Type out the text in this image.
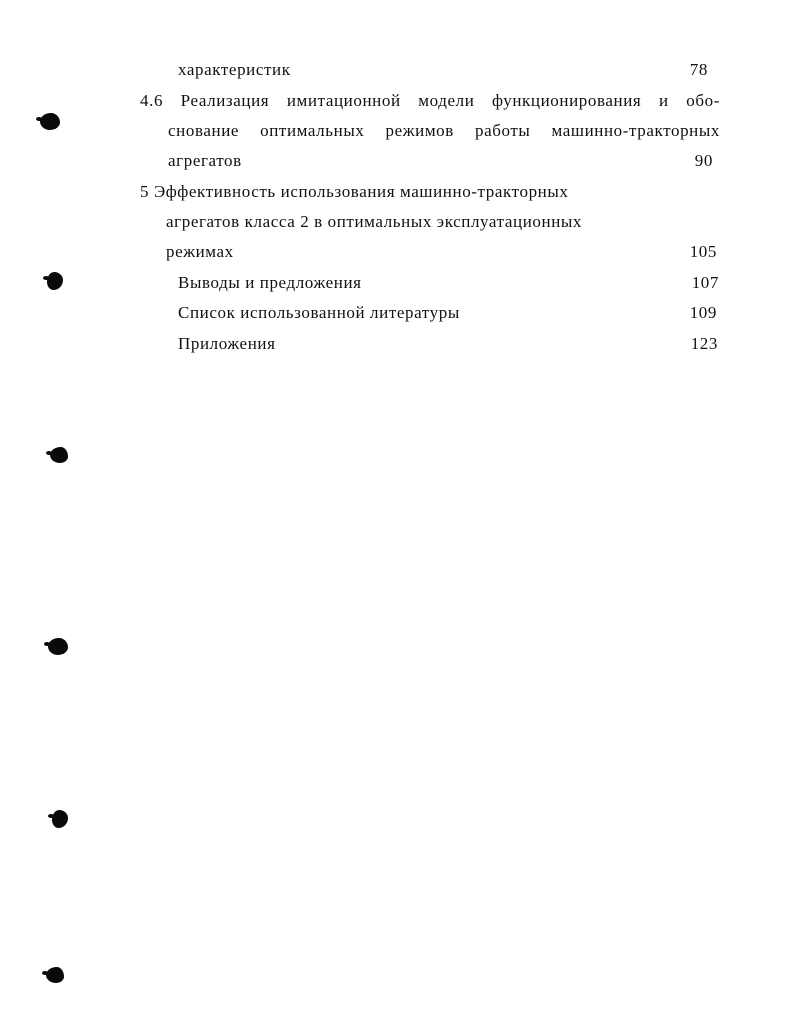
характеристик	78
4.6 Реализация имитационной модели функционирования и обо-
снование оптимальных режимов работы машинно-тракторных
агрегатов	90
5 Эффективность использования машинно-тракторных
агрегатов класса 2 в оптимальных эксплуатационных
режимах	105
Выводы и предложения	107
Список использованной литературы	109
Приложения	123
